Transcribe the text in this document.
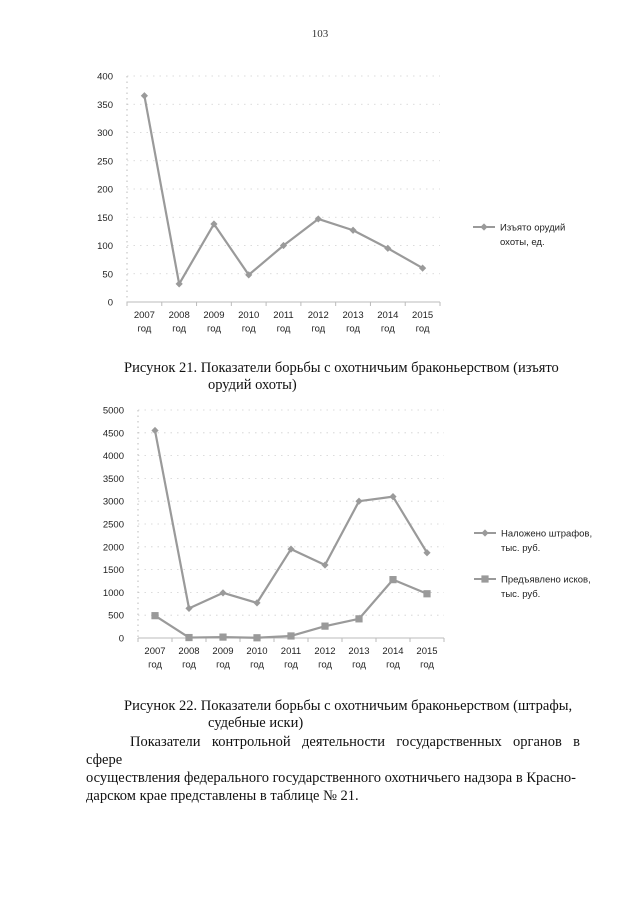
103
0
50
100
150
200
250
300
350
400
2007 год
2008 год
2009 год
2010 год
2011 год
2012 год
2013 год
2014 год
2015 год
Изъято орудий охоты, ед.
Рисунок 21. Показатели борьбы с охотничьим браконьерством (изъято
орудий охоты)
0
500
1000
1500
2000
2500
3000
3500
4000
4500
5000
2007 год
2008 год
2009 год
2010 год
2011 год
2012 год
2013 год
2014 год
2015 год
Наложено штрафов, тыс. руб.
Предъявлено исков, тыс. руб.
Рисунок 22. Показатели борьбы с охотничьим браконьерством (штрафы,
судебные иски)
Показатели контрольной деятельности государственных органов в сфере
осуществления федерального государственного охотничьего надзора в Красно-
дарском крае представлены в таблице № 21.
